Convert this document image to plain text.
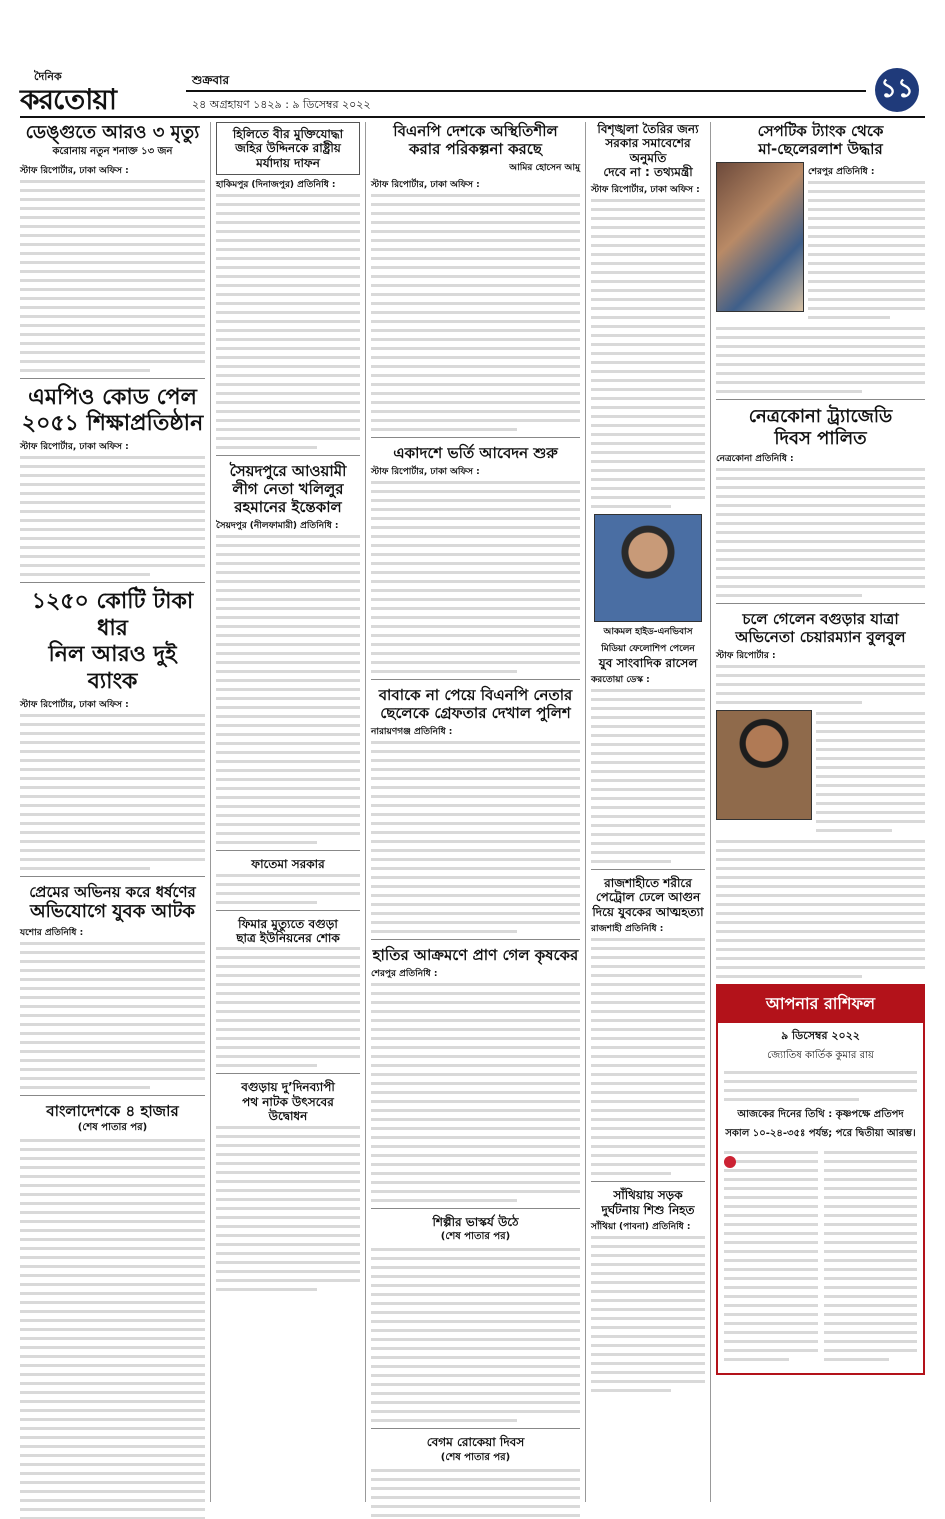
দৈনিক
করতোয়া
শুক্রবার
২৪ অগ্রহায়ণ ১৪২৯ : ৯ ডিসেম্বর ২০২২
১১
ডেঙ্গুতে আরও ৩ মৃত্যু
করোনায় নতুন শনাক্ত ১৩ জন
স্টাফ রিপোর্টার, ঢাকা অফিস :
এমপিও কোড পেল
২০৫১ শিক্ষাপ্রতিষ্ঠান
স্টাফ রিপোর্টার, ঢাকা অফিস :
১২৫০ কোটি টাকা ধার
নিল আরও দুই ব্যাংক
স্টাফ রিপোর্টার, ঢাকা অফিস :
প্রেমের অভিনয় করে ধর্ষণের
অভিযোগে যুবক আটক
যশোর প্রতিনিধি :
বাংলাদেশকে ৪ হাজার
(শেষ পাতার পর)
হিলিতে বীর মুক্তিযোদ্ধা
জহির উদ্দিনকে রাষ্ট্রীয়
মর্যাদায় দাফন
হাকিমপুর (দিনাজপুর) প্রতিনিধি :
সৈয়দপুরে আওয়ামী
লীগ নেতা খলিলুর
রহমানের ইন্তেকাল
সৈয়দপুর (নীলফামারী) প্রতিনিধি :
ফাতেমা সরকার
ফিমার মুত্যুতে বগুড়া
ছাত্র ইউনিয়নের শোক
বগুড়ায় দু’দিনব্যাপী
পথ নাটক উৎসবের
উদ্বোধন
বিএনপি দেশকে অস্থিতিশীল
করার পরিকল্পনা করছে
আমির হোসেন আমু
স্টাফ রিপোর্টার, ঢাকা অফিস :
একাদশে ভর্তি আবেদন শুরু
স্টাফ রিপোর্টার, ঢাকা অফিস :
বাবাকে না পেয়ে বিএনপি নেতার
ছেলেকে গ্রেফতার দেখাল পুলিশ
নারায়ণগঞ্জ প্রতিনিধি :
হাতির আক্রমণে প্রাণ গেল কৃষকের
শেরপুর প্রতিনিধি :
শিল্পীর ভাস্কর্য উঠে
(শেষ পাতার পর)
বেগম রোকেয়া দিবস
(শেষ পাতার পর)
বিশৃঙ্খলা তৈরির জন্য
সরকার সমাবেশের অনুমতি
দেবে না : তথ্যমন্ত্রী
স্টাফ রিপোর্টার, ঢাকা অফিস :
আকমল হাইড-এনভিবাস
মিডিয়া ফেলোশিপ পেলেন
যুব সাংবাদিক রাসেল
করতোয়া ডেস্ক :
রাজশাহীতে শরীরে
পেট্রোল ঢেলে আগুন
দিয়ে যুবকের আত্মহত্যা
রাজশাহী প্রতিনিধি :
সাঁথিয়ায় সড়ক
দুর্ঘটনায় শিশু নিহত
সাঁথিয়া (পাবনা) প্রতিনিধি :
সেপটিক ট্যাংক থেকে
মা-ছেলেরলাশ উদ্ধার
শেরপুর প্রতিনিধি :
নেত্রকোনা ট্র্যাজেডি
দিবস পালিত
নেত্রকোনা প্রতিনিধি :
চলে গেলেন বগুড়ার যাত্রা
অভিনেতা চেয়ারম্যান বুলবুল
স্টাফ রিপোর্টার :
আপনার রাশিফল
৯ ডিসেম্বর ২০২২
জ্যোতিষ কার্তিক কুমার রায়
আজকের দিনের তিথি : কৃষ্ণপক্ষে প্রতিপদ
সকাল ১০-২৪-৩৫ঃ পর্যন্ত; পরে দ্বিতীয়া আরম্ভ।
